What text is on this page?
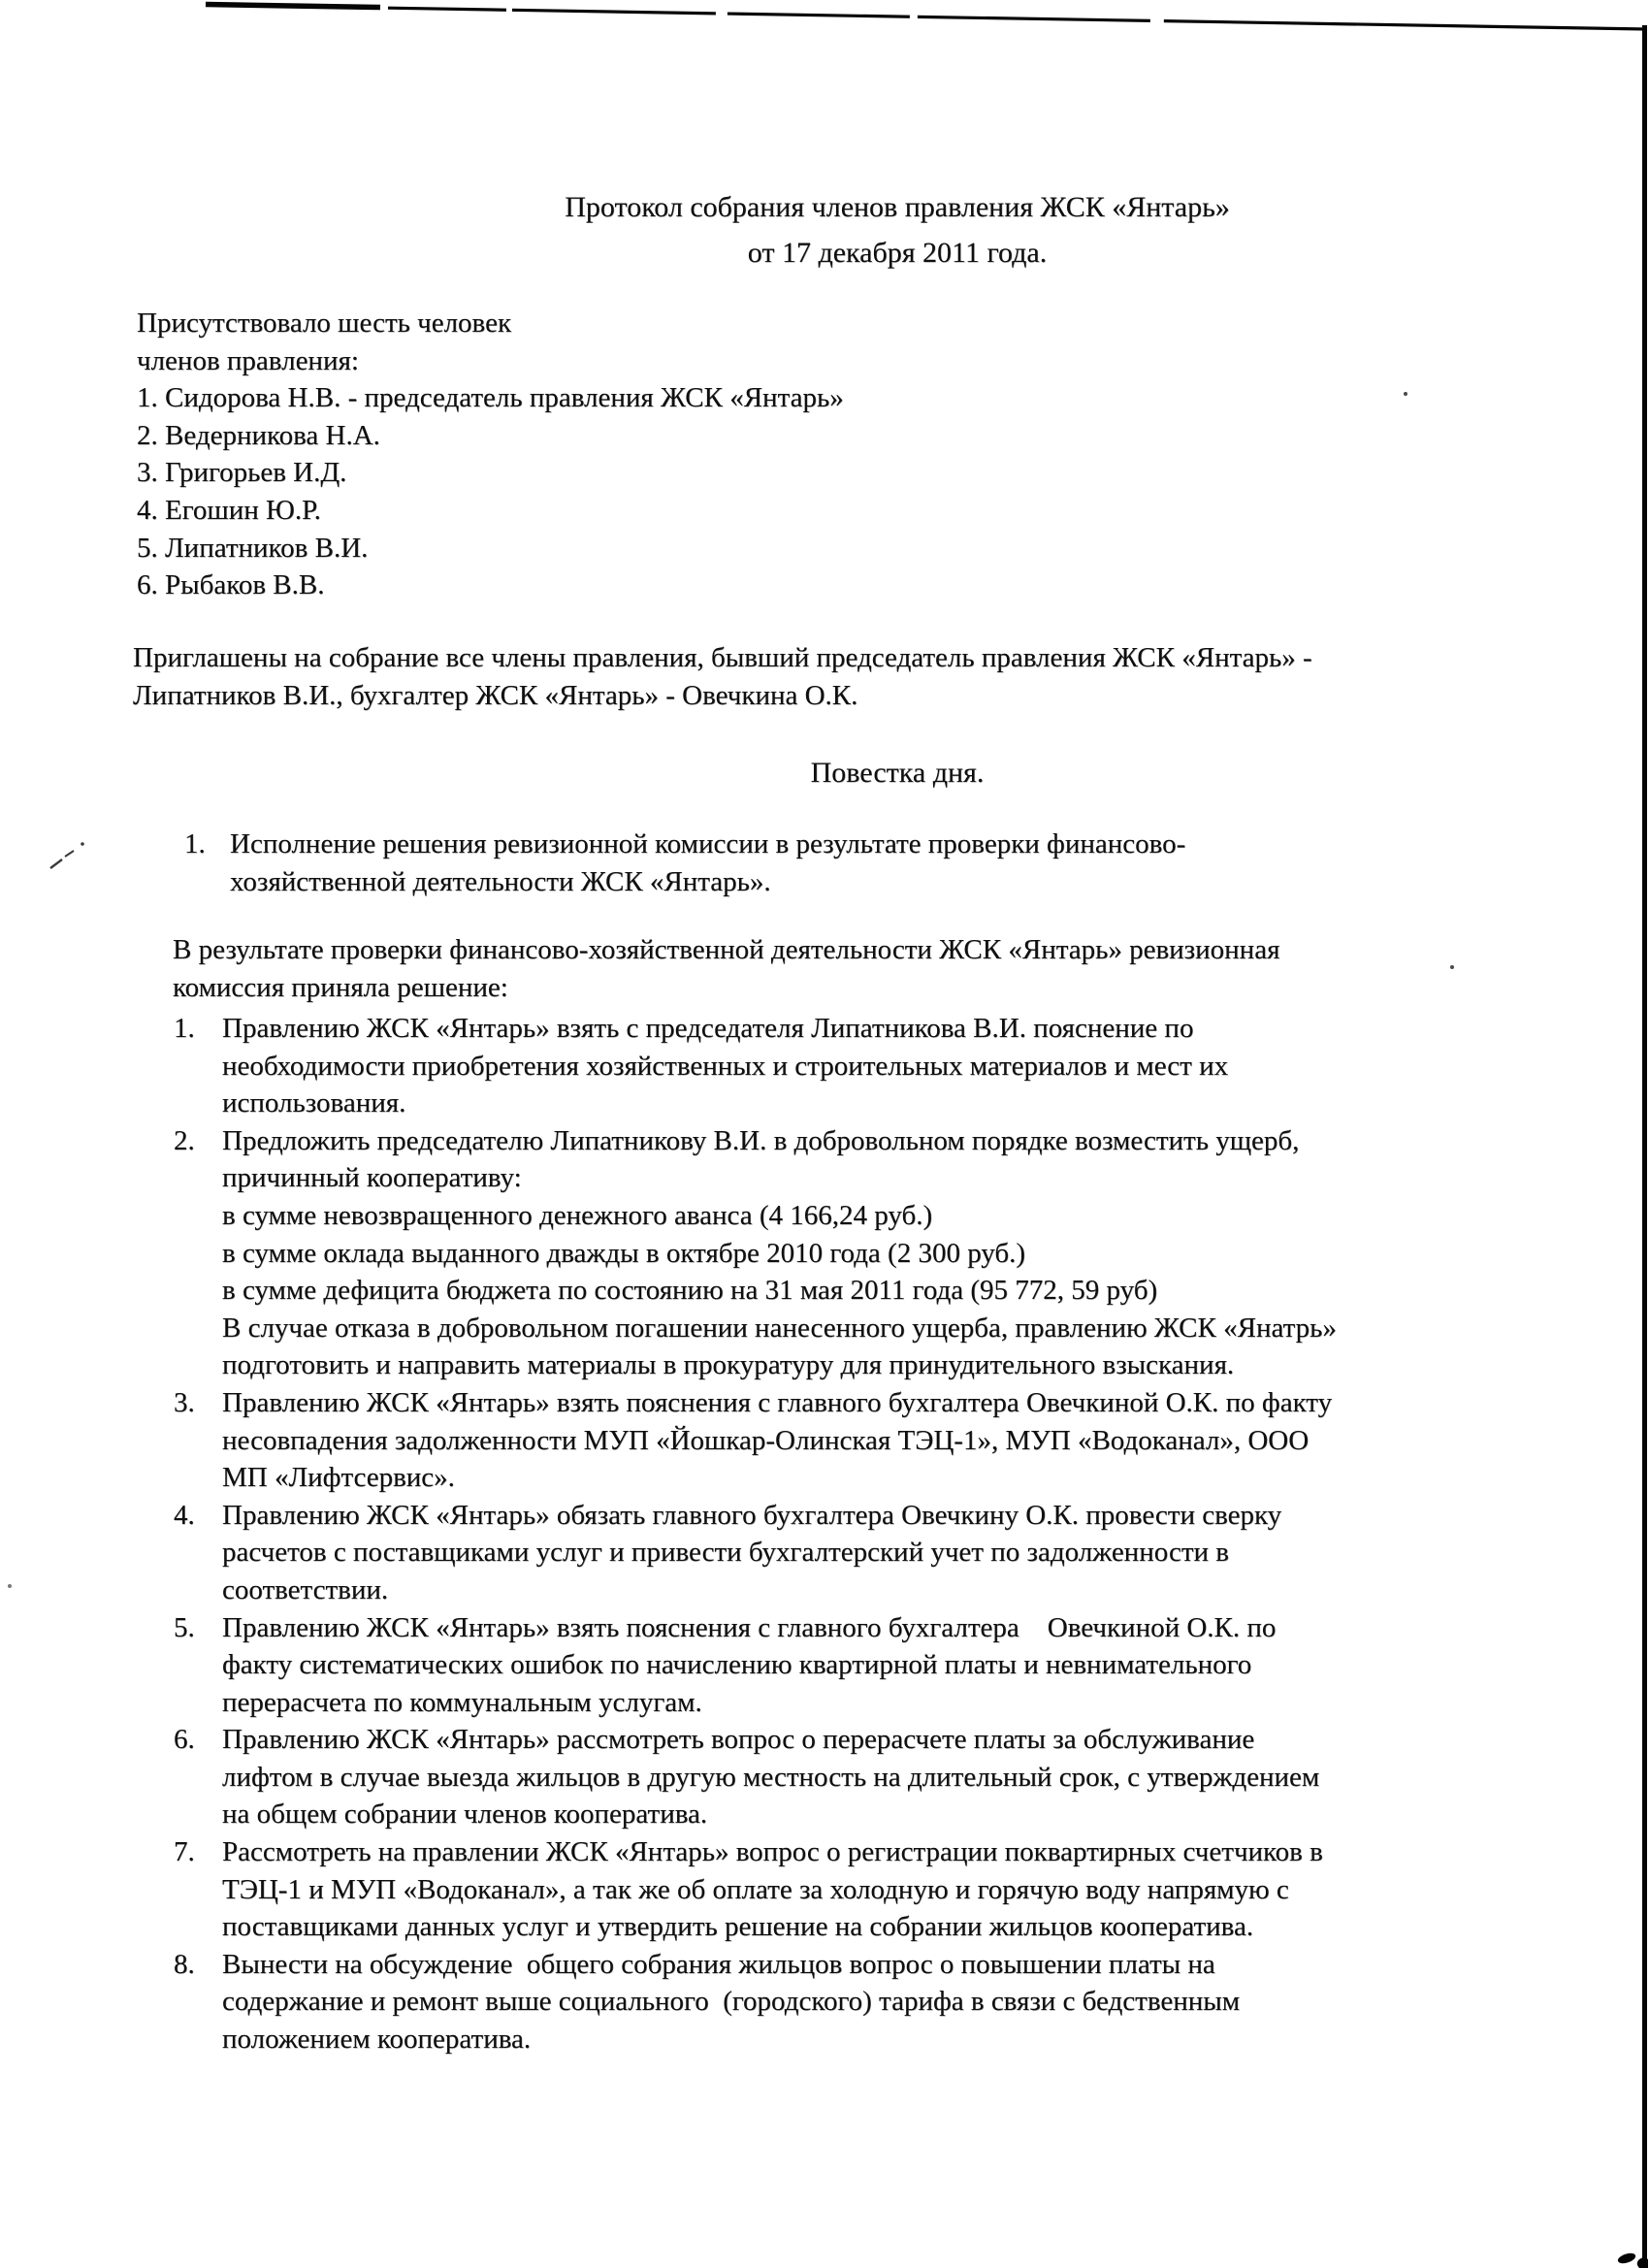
Протокол собрания членов правления ЖСК «Янтарь»
от 17 декабря 2011 года.
Присутствовало шесть человек
членов правления:
1. Сидорова Н.В. - председатель правления ЖСК «Янтарь»
2. Ведерникова Н.А.
3. Григорьев И.Д.
4. Егошин Ю.Р.
5. Липатников В.И.
6. Рыбаков В.В.
Приглашены на собрание все члены правления, бывший председатель правления ЖСК «Янтарь» -
Липатников В.И., бухгалтер ЖСК «Янтарь» - Овечкина О.К.
Повестка дня.
1. Исполнение решения ревизионной комиссии в результате проверки финансово-
хозяйственной деятельности ЖСК «Янтарь».
В результате проверки финансово-хозяйственной деятельности ЖСК «Янтарь» ревизионная
комиссия приняла решение:
1. Правлению ЖСК «Янтарь» взять с председателя Липатникова В.И. пояснение по
необходимости приобретения хозяйственных и строительных материалов и мест их
использования.
2. Предложить председателю Липатникову В.И. в добровольном порядке возместить ущерб,
причинный кооперативу:
в сумме невозвращенного денежного аванса (4 166,24 руб.)
в сумме оклада выданного дважды в октябре 2010 года (2 300 руб.)
в сумме дефицита бюджета по состоянию на 31 мая 2011 года (95 772, 59 руб)
В случае отказа в добровольном погашении нанесенного ущерба, правлению ЖСК «Янатрь»
подготовить и направить материалы в прокуратуру для принудительного взыскания.
3. Правлению ЖСК «Янтарь» взять пояснения с главного бухгалтера Овечкиной О.К. по факту
несовпадения задолженности МУП «Йошкар-Олинская ТЭЦ-1», МУП «Водоканал», ООО
МП «Лифтсервис».
4. Правлению ЖСК «Янтарь» обязать главного бухгалтера Овечкину О.К. провести сверку
расчетов с поставщиками услуг и привести бухгалтерский учет по задолженности в
соответствии.
5. Правлению ЖСК «Янтарь» взять пояснения с главного бухгалтера    Овечкиной О.К. по
факту систематических ошибок по начислению квартирной платы и невнимательного
перерасчета по коммунальным услугам.
6. Правлению ЖСК «Янтарь» рассмотреть вопрос о перерасчете платы за обслуживание
лифтом в случае выезда жильцов в другую местность на длительный срок, с утверждением
на общем собрании членов кооператива.
7. Рассмотреть на правлении ЖСК «Янтарь» вопрос о регистрации поквартирных счетчиков в
ТЭЦ-1 и МУП «Водоканал», а так же об оплате за холодную и горячую воду напрямую с
поставщиками данных услуг и утвердить решение на собрании жильцов кооператива.
8. Вынести на обсуждение  общего собрания жильцов вопрос о повышении платы на
содержание и ремонт выше социального  (городского) тарифа в связи с бедственным
положением кооператива.
